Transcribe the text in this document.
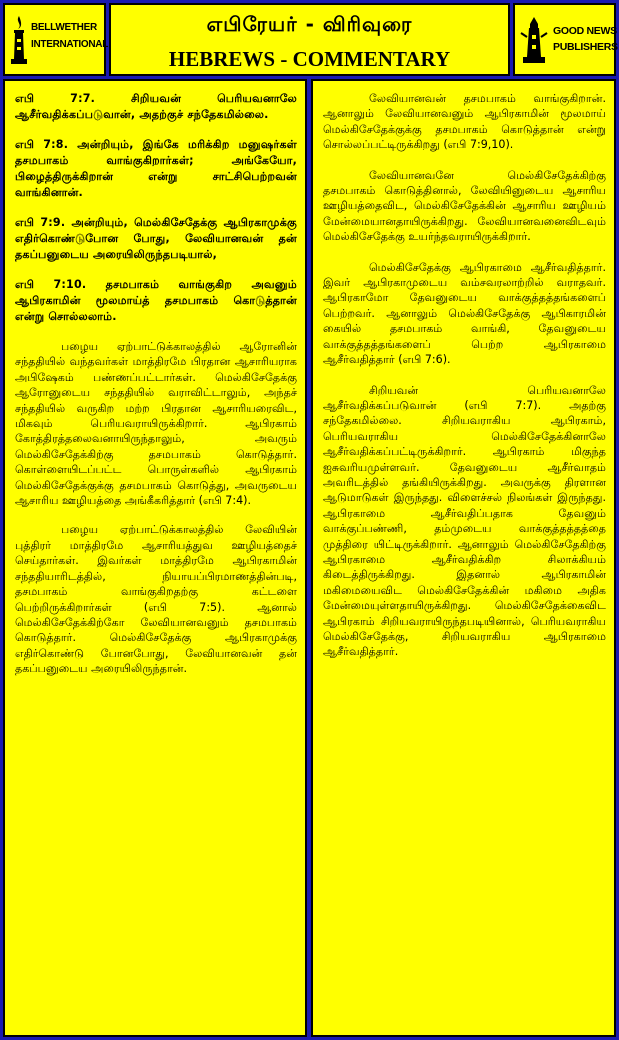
BELLWETHER
INTERNATIONAL
எபிரேயர் - விரிவுரை
HEBREWS - COMMENTARY
GOOD NEWS
PUBLISHERS

எபி 7:7. சிறியவன் பெரியவனாலே ஆசீர்வதிக்கப்படுவான், அதற்குச் சந்தேகமில்லை.

எபி 7:8. அன்றியும், இங்கே மரிக்கிற மனுஷர்கள் தசமபாகம் வாங்குகிறார்கள்; அங்கேயோ, பிழைத்திருக்கிறான் என்று சாட்சிபெற்றவன் வாங்கினான்.

எபி 7:9. அன்றியும், மெல்கிசேதேக்கு ஆபிரகாமுக்கு எதிர்கொண்டுபோன போது, லேவியானவன் தன் தகப்பனுடைய அரையிலிருந்தபடியால்,

எபி 7:10. தசமபாகம் வாங்குகிற அவனும் ஆபிரகாமின் மூலமாய்த் தசமபாகம் கொடுத்தான் என்று சொல்லலாம்.

பழைய ஏற்பாட்டுக்காலத்தில் ஆரோனின் சந்ததியில் வந்தவர்கள் மாத்திரமே பிரதான ஆசாரியராக அபிஷேகம் பண்ணப்பட்டார்கள். மெல்கிசேதேக்கு ஆரோனுடைய சந்ததியில் வராவிட்டாலும், அந்தச் சந்ததியில் வருகிற மற்ற பிரதான ஆசாரியரைவிட, மிகவும் பெரியவராயிருக்கிறார். ஆபிரகாம் கோத்திரத்தலைவனாயிருந்தாலும், அவரும் மெல்கிசேதேக்கிற்கு தசமபாகம் கொடுத்தார். கொள்ளையிடப்பட்ட பொருள்களில் ஆபிரகாம் மெல்கிசேதேக்குக்கு தசமபாகம் கொடுத்து, அவருடைய ஆசாரிய ஊழியத்தை அங்கீகரித்தார் (எபி 7:4).

பழைய ஏற்பாட்டுக்காலத்தில் லேவியின் புத்திரர் மாத்திரமே ஆசாரியத்துவ ஊழியத்தைச் செய்தார்கள். இவர்கள் மாத்திரமே ஆபிரகாமின் சந்ததியாரிடத்தில், நியாயப்பிரமாணத்தின்படி, தசமபாகம் வாங்குகிறதற்கு கட்டளை பெற்றிருக்கிறார்கள் (எபி 7:5). ஆனால் மெல்கிசேதேக்கிற்கோ லேவியானவனும் தசமபாகம் கொடுத்தார். மெல்கிசேதேக்கு ஆபிரகாமுக்கு எதிர்கொண்டு போனபோது, லேவியானவன் தன் தகப்பனுடைய அரையிலிருந்தான்.

லேவியானவன் தசமபாகம் வாங்குகிறான். ஆனாலும் லேவியானவனும் ஆபிரகாமின் மூலமாய் மெல்கிசேதேக்குக்கு தசமபாகம் கொடுத்தான் என்று சொல்லப்பட்டிருக்கிறது (எபி 7:9,10).

லேவியானவனே மெல்கிசேதேக்கிற்கு தசமபாகம் கொடுத்தினால், லேவியினுடைய ஆசாரிய ஊழியத்தைவிட, மெல்கிசேதேக்கின் ஆசாரிய ஊழியம் மேன்மையானதாயிருக்கிறது. லேவியானவனைவிடவும் மெல்கிசேதேக்கு உயர்ந்தவராயிருக்கிறார்.

மெல்கிசேதேக்கு ஆபிரகாமை ஆசீர்வதித்தார். இவர் ஆபிரகாமுடைய வம்சவரலாற்றில் வராதவர். ஆபிரகாமோ தேவனுடைய வாக்குத்தத்தங்களைப் பெற்றவர். ஆனாலும் மெல்கிசேதேக்கு ஆபிகாரமின் கையில் தசமபாகம் வாங்கி, தேவனுடைய வாக்குத்தத்தங்களைப் பெற்ற ஆபிரகாமை ஆசீர்வதித்தார் (எபி 7:6).

சிறியவன் பெரியவனாலே ஆசீர்வதிக்கப்படுவான் (எபி 7:7). அதற்கு சந்தேகமில்லை. சிறியவராகிய ஆபிரகாம், பெரியவராகிய மெல்கிசேதேக்கினாலே ஆசீர்வதிக்கப்பட்டிருக்கிறார். ஆபிரகாம் மிகுந்த ஐசுவரியமுள்ளவர். தேவனுடைய ஆசீர்வாதம் அவரிடத்தில் தங்கியிருக்கிறது. அவருக்கு திரளான ஆடுமாடுகள் இருந்தது. விளைச்சல் நிலங்கள் இருந்தது. ஆபிரகாமை ஆசீர்வதிப்பதாக தேவனும் வாக்குப்பண்ணி, தம்முடைய வாக்குத்தத்தத்தை முத்திரை யிட்டிருக்கிறார். ஆனாலும் மெல்கிசேதேகிற்கு ஆபிரகாமை ஆசீர்வதிக்கிற சிலாக்கியம் கிடைத்திருக்கிறது. இதனால் ஆபிரகாமின் மகிமையைவிட மெல்கிசேதேக்கின் மகிமை அதிக மேன்மையுள்ளதாயிருக்கிறது. மெல்கிசேதேக்கைவிட ஆபிரகாம் சிறியவராயிருந்தபடியினால், பெரியவராகிய மெல்கிசேதேக்கு, சிறியவராகிய ஆபிரகாமை ஆசீர்வதித்தார்.
